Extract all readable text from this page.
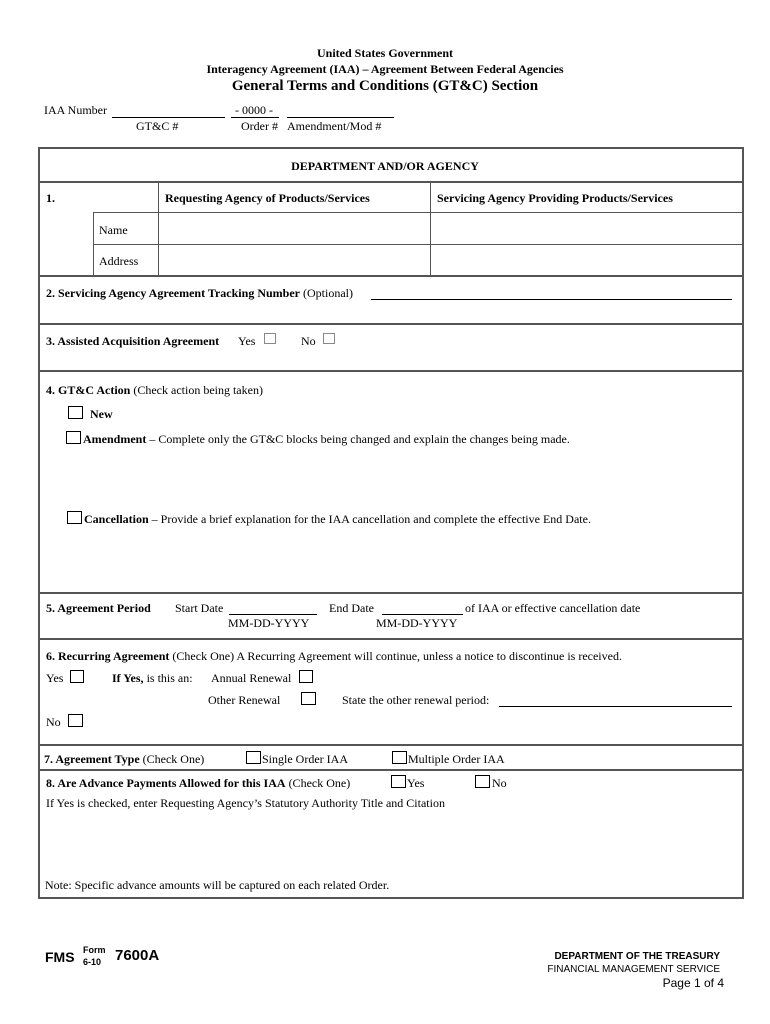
United States Government
Interagency Agreement (IAA) – Agreement Between Federal Agencies
General Terms and Conditions (GT&C) Section
IAA Number	- 0000 -
GT&C #	Order # Amendment/Mod #
DEPARTMENT AND/OR AGENCY
1.	Requesting Agency of Products/Services	Servicing Agency Providing Products/Services
Name
Address
2. Servicing Agency Agreement Tracking Number (Optional)
3. Assisted Acquisition Agreement Yes	No
4. GT&C Action (Check action being taken)
New
Amendment – Complete only the GT&C blocks being changed and explain the changes being made.
Cancellation – Provide a brief explanation for the IAA cancellation and complete the effective End Date.
5. Agreement Period Start Date	End Date	of IAA or effective cancellation date
MM-DD-YYYY	MM-DD-YYYY
6. Recurring Agreement (Check One) A Recurring Agreement will continue, unless a notice to discontinue is received.
Yes	If Yes, is this an: Annual Renewal
Other Renewal	State the other renewal period:
No
7. Agreement Type (Check One)	Single Order IAA	Multiple Order IAA
8. Are Advance Payments Allowed for this IAA (Check One)	Yes	No
If Yes is checked, enter Requesting Agency’s Statutory Authority Title and Citation
Note: Specific advance amounts will be captured on each related Order.
FMS Form
6-10 7600A	DEPARTMENT OF THE TREASURY
FINANCIAL MANAGEMENT SERVICE
Page 1 of 4
